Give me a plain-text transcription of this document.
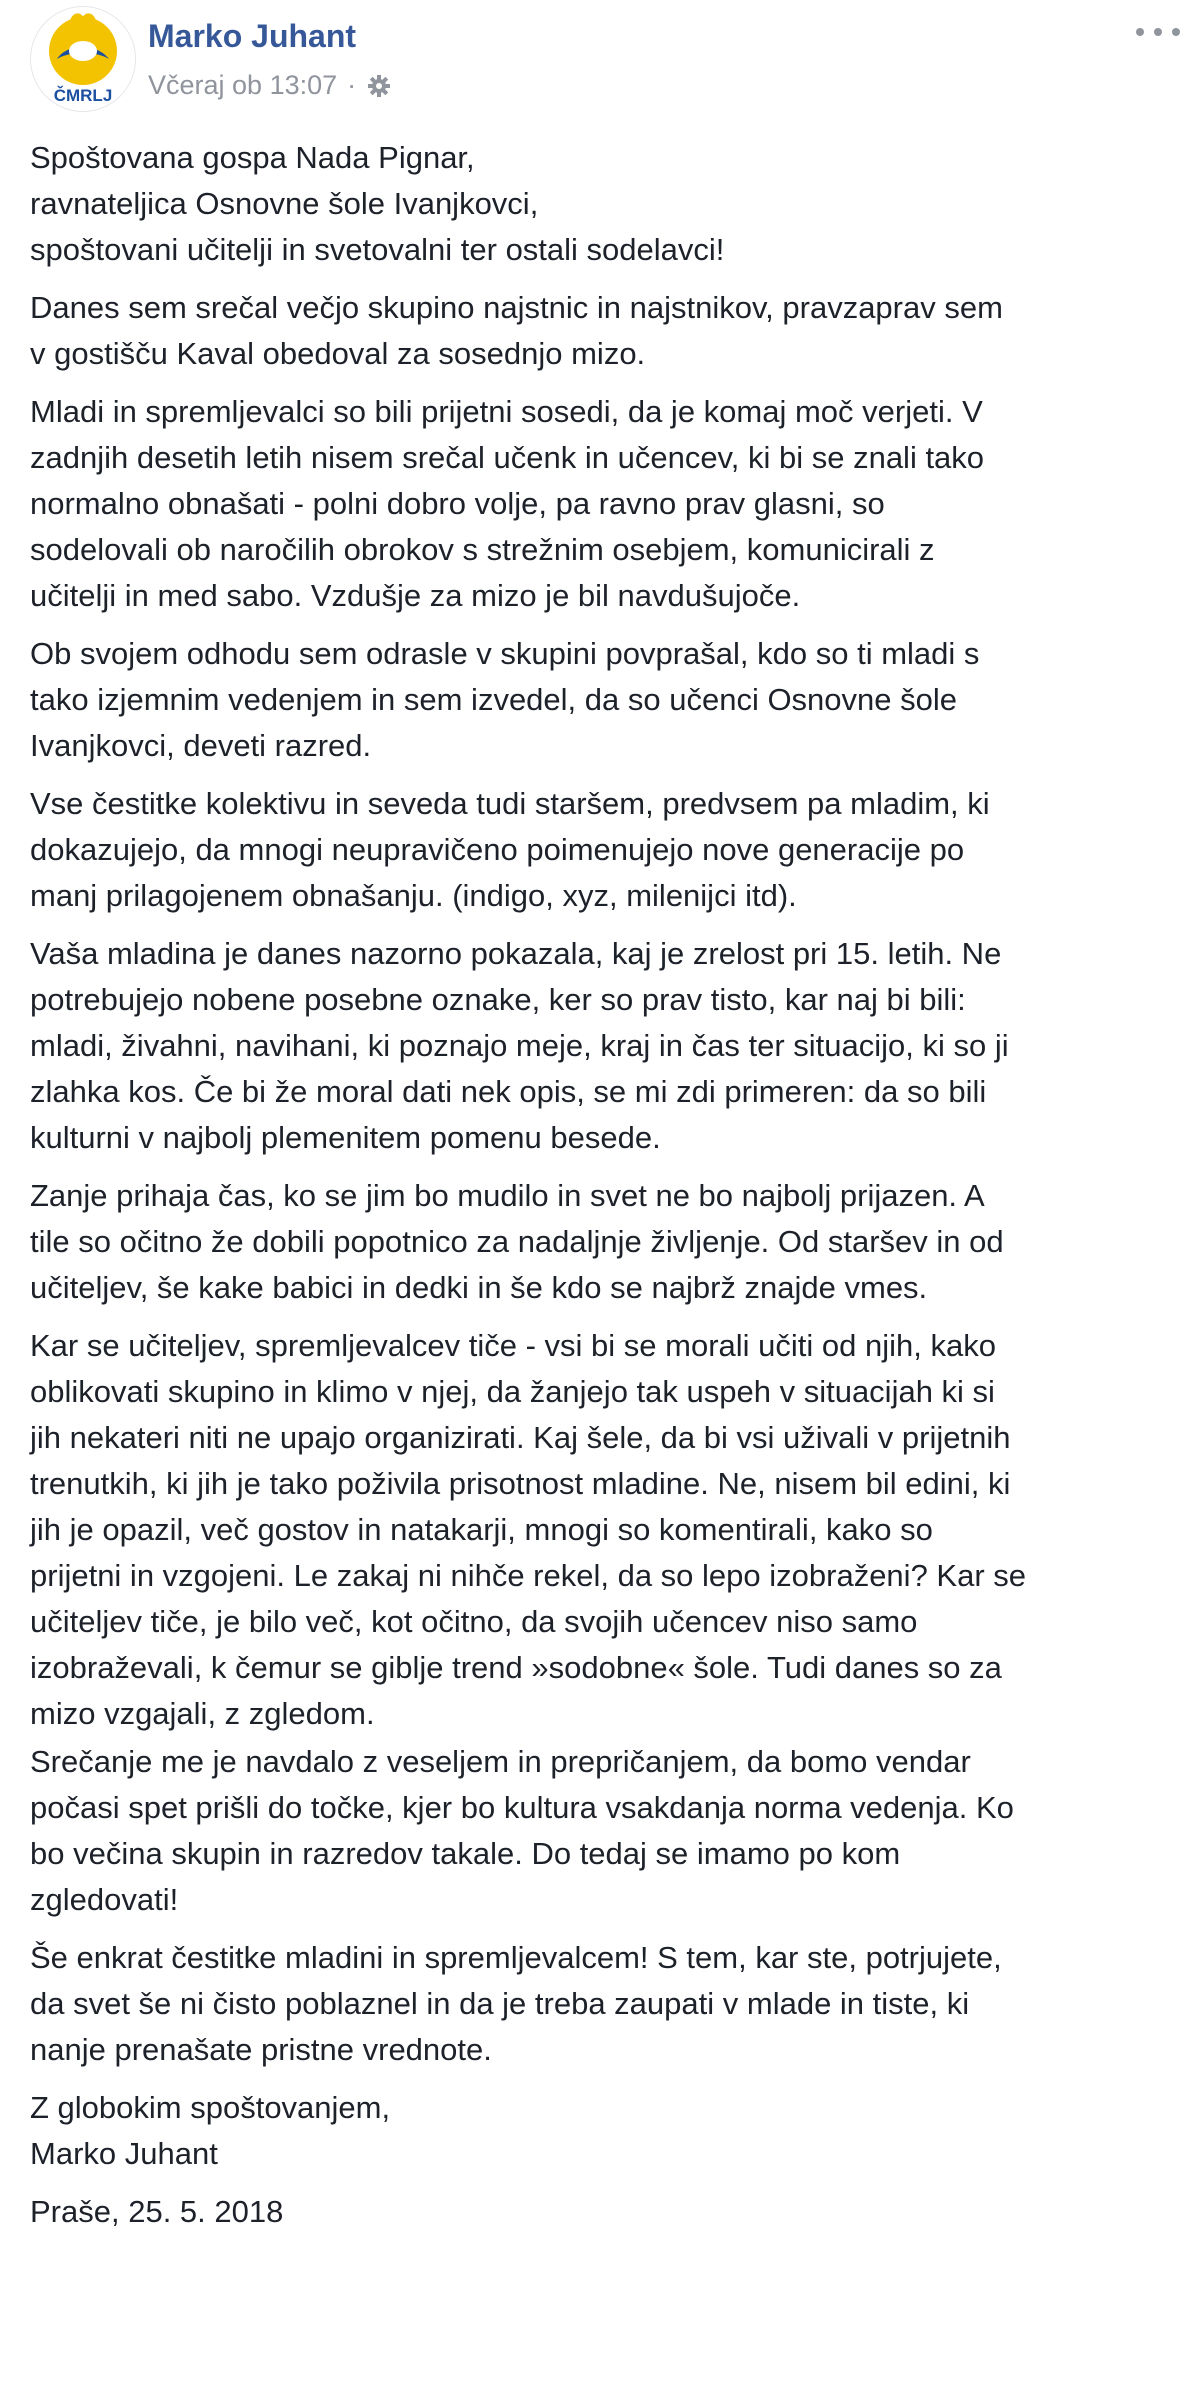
ČMRLJ
Marko Juhant
Včeraj ob 13:07 ·

Spoštovana gospa Nada Pignar,
ravnateljica Osnovne šole Ivanjkovci,
spoštovani učitelji in svetovalni ter ostali sodelavci!

Danes sem srečal večjo skupino najstnic in najstnikov, pravzaprav sem
v gostišču Kaval obedoval za sosednjo mizo.

Mladi in spremljevalci so bili prijetni sosedi, da je komaj moč verjeti. V
zadnjih desetih letih nisem srečal učenk in učencev, ki bi se znali tako
normalno obnašati - polni dobro volje, pa ravno prav glasni, so
sodelovali ob naročilih obrokov s strežnim osebjem, komunicirali z
učitelji in med sabo. Vzdušje za mizo je bil navdušujoče.

Ob svojem odhodu sem odrasle v skupini povprašal, kdo so ti mladi s
tako izjemnim vedenjem in sem izvedel, da so učenci Osnovne šole
Ivanjkovci, deveti razred.

Vse čestitke kolektivu in seveda tudi staršem, predvsem pa mladim, ki
dokazujejo, da mnogi neupravičeno poimenujejo nove generacije po
manj prilagojenem obnašanju. (indigo, xyz, milenijci itd).

Vaša mladina je danes nazorno pokazala, kaj je zrelost pri 15. letih. Ne
potrebujejo nobene posebne oznake, ker so prav tisto, kar naj bi bili:
mladi, živahni, navihani, ki poznajo meje, kraj in čas ter situacijo, ki so ji
zlahka kos. Če bi že moral dati nek opis, se mi zdi primeren: da so bili
kulturni v najbolj plemenitem pomenu besede.

Zanje prihaja čas, ko se jim bo mudilo in svet ne bo najbolj prijazen. A
tile so očitno že dobili popotnico za nadaljnje življenje. Od staršev in od
učiteljev, še kake babici in dedki in še kdo se najbrž znajde vmes.

Kar se učiteljev, spremljevalcev tiče - vsi bi se morali učiti od njih, kako
oblikovati skupino in klimo v njej, da žanjejo tak uspeh v situacijah ki si
jih nekateri niti ne upajo organizirati. Kaj šele, da bi vsi uživali v prijetnih
trenutkih, ki jih je tako poživila prisotnost mladine. Ne, nisem bil edini, ki
jih je opazil, več gostov in natakarji, mnogi so komentirali, kako so
prijetni in vzgojeni. Le zakaj ni nihče rekel, da so lepo izobraženi? Kar se
učiteljev tiče, je bilo več, kot očitno, da svojih učencev niso samo
izobraževali, k čemur se giblje trend »sodobne« šole. Tudi danes so za
mizo vzgajali, z zgledom.

Srečanje me je navdalo z veseljem in prepričanjem, da bomo vendar
počasi spet prišli do točke, kjer bo kultura vsakdanja norma vedenja. Ko
bo večina skupin in razredov takale. Do tedaj se imamo po kom
zgledovati!

Še enkrat čestitke mladini in spremljevalcem! S tem, kar ste, potrjujete,
da svet še ni čisto poblaznel in da je treba zaupati v mlade in tiste, ki
nanje prenašate pristne vrednote.

Z globokim spoštovanjem,
Marko Juhant

Praše, 25. 5. 2018
